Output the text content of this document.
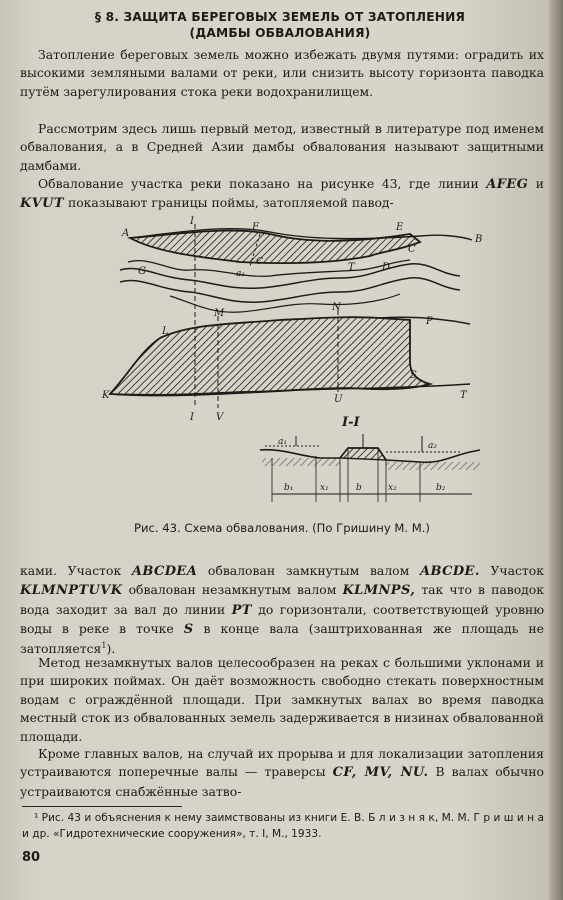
§ 8. ЗАЩИТА БЕРЕГОВЫХ ЗЕМЕЛЬ ОТ ЗАТОПЛЕНИЯ
(ДАМБЫ ОБВАЛОВАНИЯ)
Затопление береговых земель можно избежать двумя путями: оградить их высокими земляными валами от реки, или снизить высоту горизонта паводка путём зарегулирования стока реки водохранилищем.
Рассмотрим здесь лишь первый метод, известный в литературе под именем обвалования, а в Средней Азии дамбы обвалования называют защитными дамбами.
Обвалование участка реки показано на рисунке 43, где линии AFEG и KVUT показывают границы поймы, затопляемой павод-
A
B
I
F	E
C
C	D
G	a₁
T
L
M
N
P
S
K	U	T
I V	I-I
a₁	a₂
b₁	x₁	b	x₂	b₂
Рис. 43. Схема обвалования. (По Гришину М. М.)
ками. Участок ABCDEA обвалован замкнутым валом ABCDE. Участок KLMNPTUVK обвалован незамкнутым валом KLMNPS, так что в паводок вода заходит за вал до линии PT до горизонтали, соответствующей уровню воды в реке в точке S в конце вала (заштрихованная же площадь не затопляется$^1$).
Метод незамкнутых валов целесообразен на реках с большими уклонами и при широких поймах. Он даёт возможность свободно стекать поверхностным водам с ограждённой площади. При замкнутых валах во время паводка местный сток из обвалованных земель задерживается в низинах обвалованной площади.
Кроме главных валов, на случай их прорыва и для локализации затопления устраиваются поперечные валы — траверсы CF, MV, NU. В валах обычно устраиваются снабжённые затво-
¹ Рис. 43 и объяснения к нему заимствованы из книги Е. В. Б л и з н я к, М. М. Г р и ш и н а и др. «Гидротехнические сооружения», т. I, М., 1933.
80
